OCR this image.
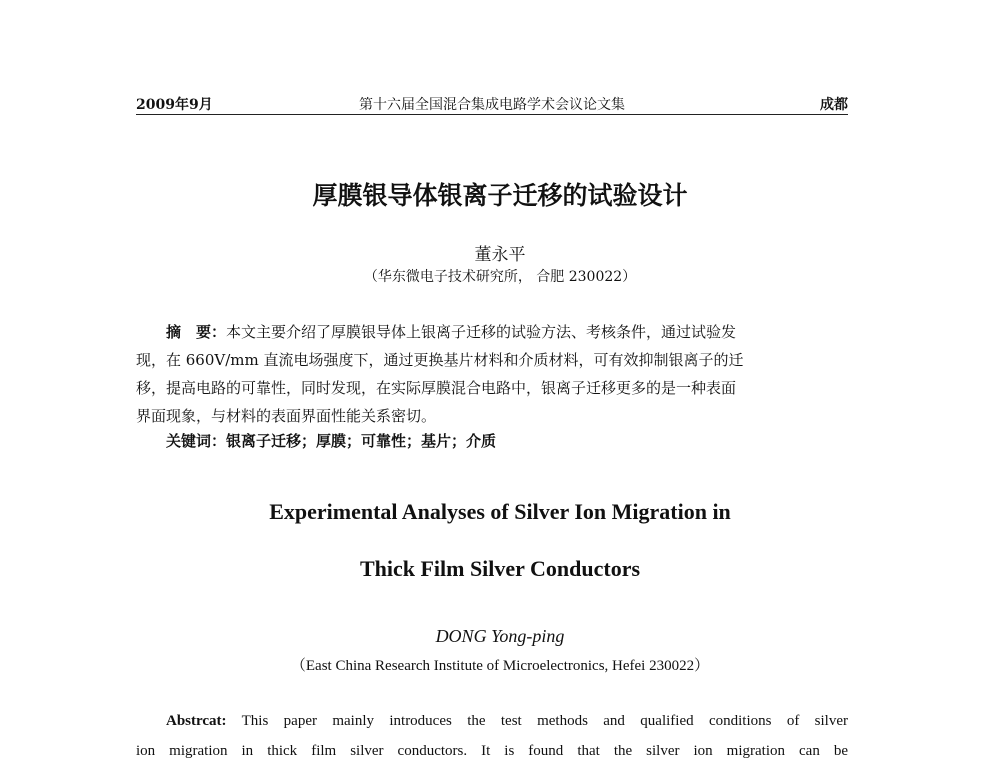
2009年9月	第十六届全国混合集成电路学术会议论文集	成都
厚膜银导体银离子迁移的试验设计
董永平
（华东微电子技术研究所， 合肥 230022）

摘　要：本文主要介绍了厚膜银导体上银离子迁移的试验方法、考核条件，通过试验发

现，在 660V/mm 直流电场强度下，通过更换基片材料和介质材料，可有效抑制银离子的迁

移，提高电路的可靠性，同时发现，在实际厚膜混合电路中，银离子迁移更多的是一种表面

界面现象，与材料的表面界面性能关系密切。

关键词：银离子迁移；厚膜；可靠性；基片；介质
Experimental Analyses of Silver Ion Migration in
Thick Film Silver Conductors
DONG Yong-ping
（East China Research Institute of Microelectronics, Hefei 230022）

Abstrcat: This paper mainly introduces the test methods and qualified conditions of silver

ion migration in thick film silver conductors. It is found that the silver ion migration can be
